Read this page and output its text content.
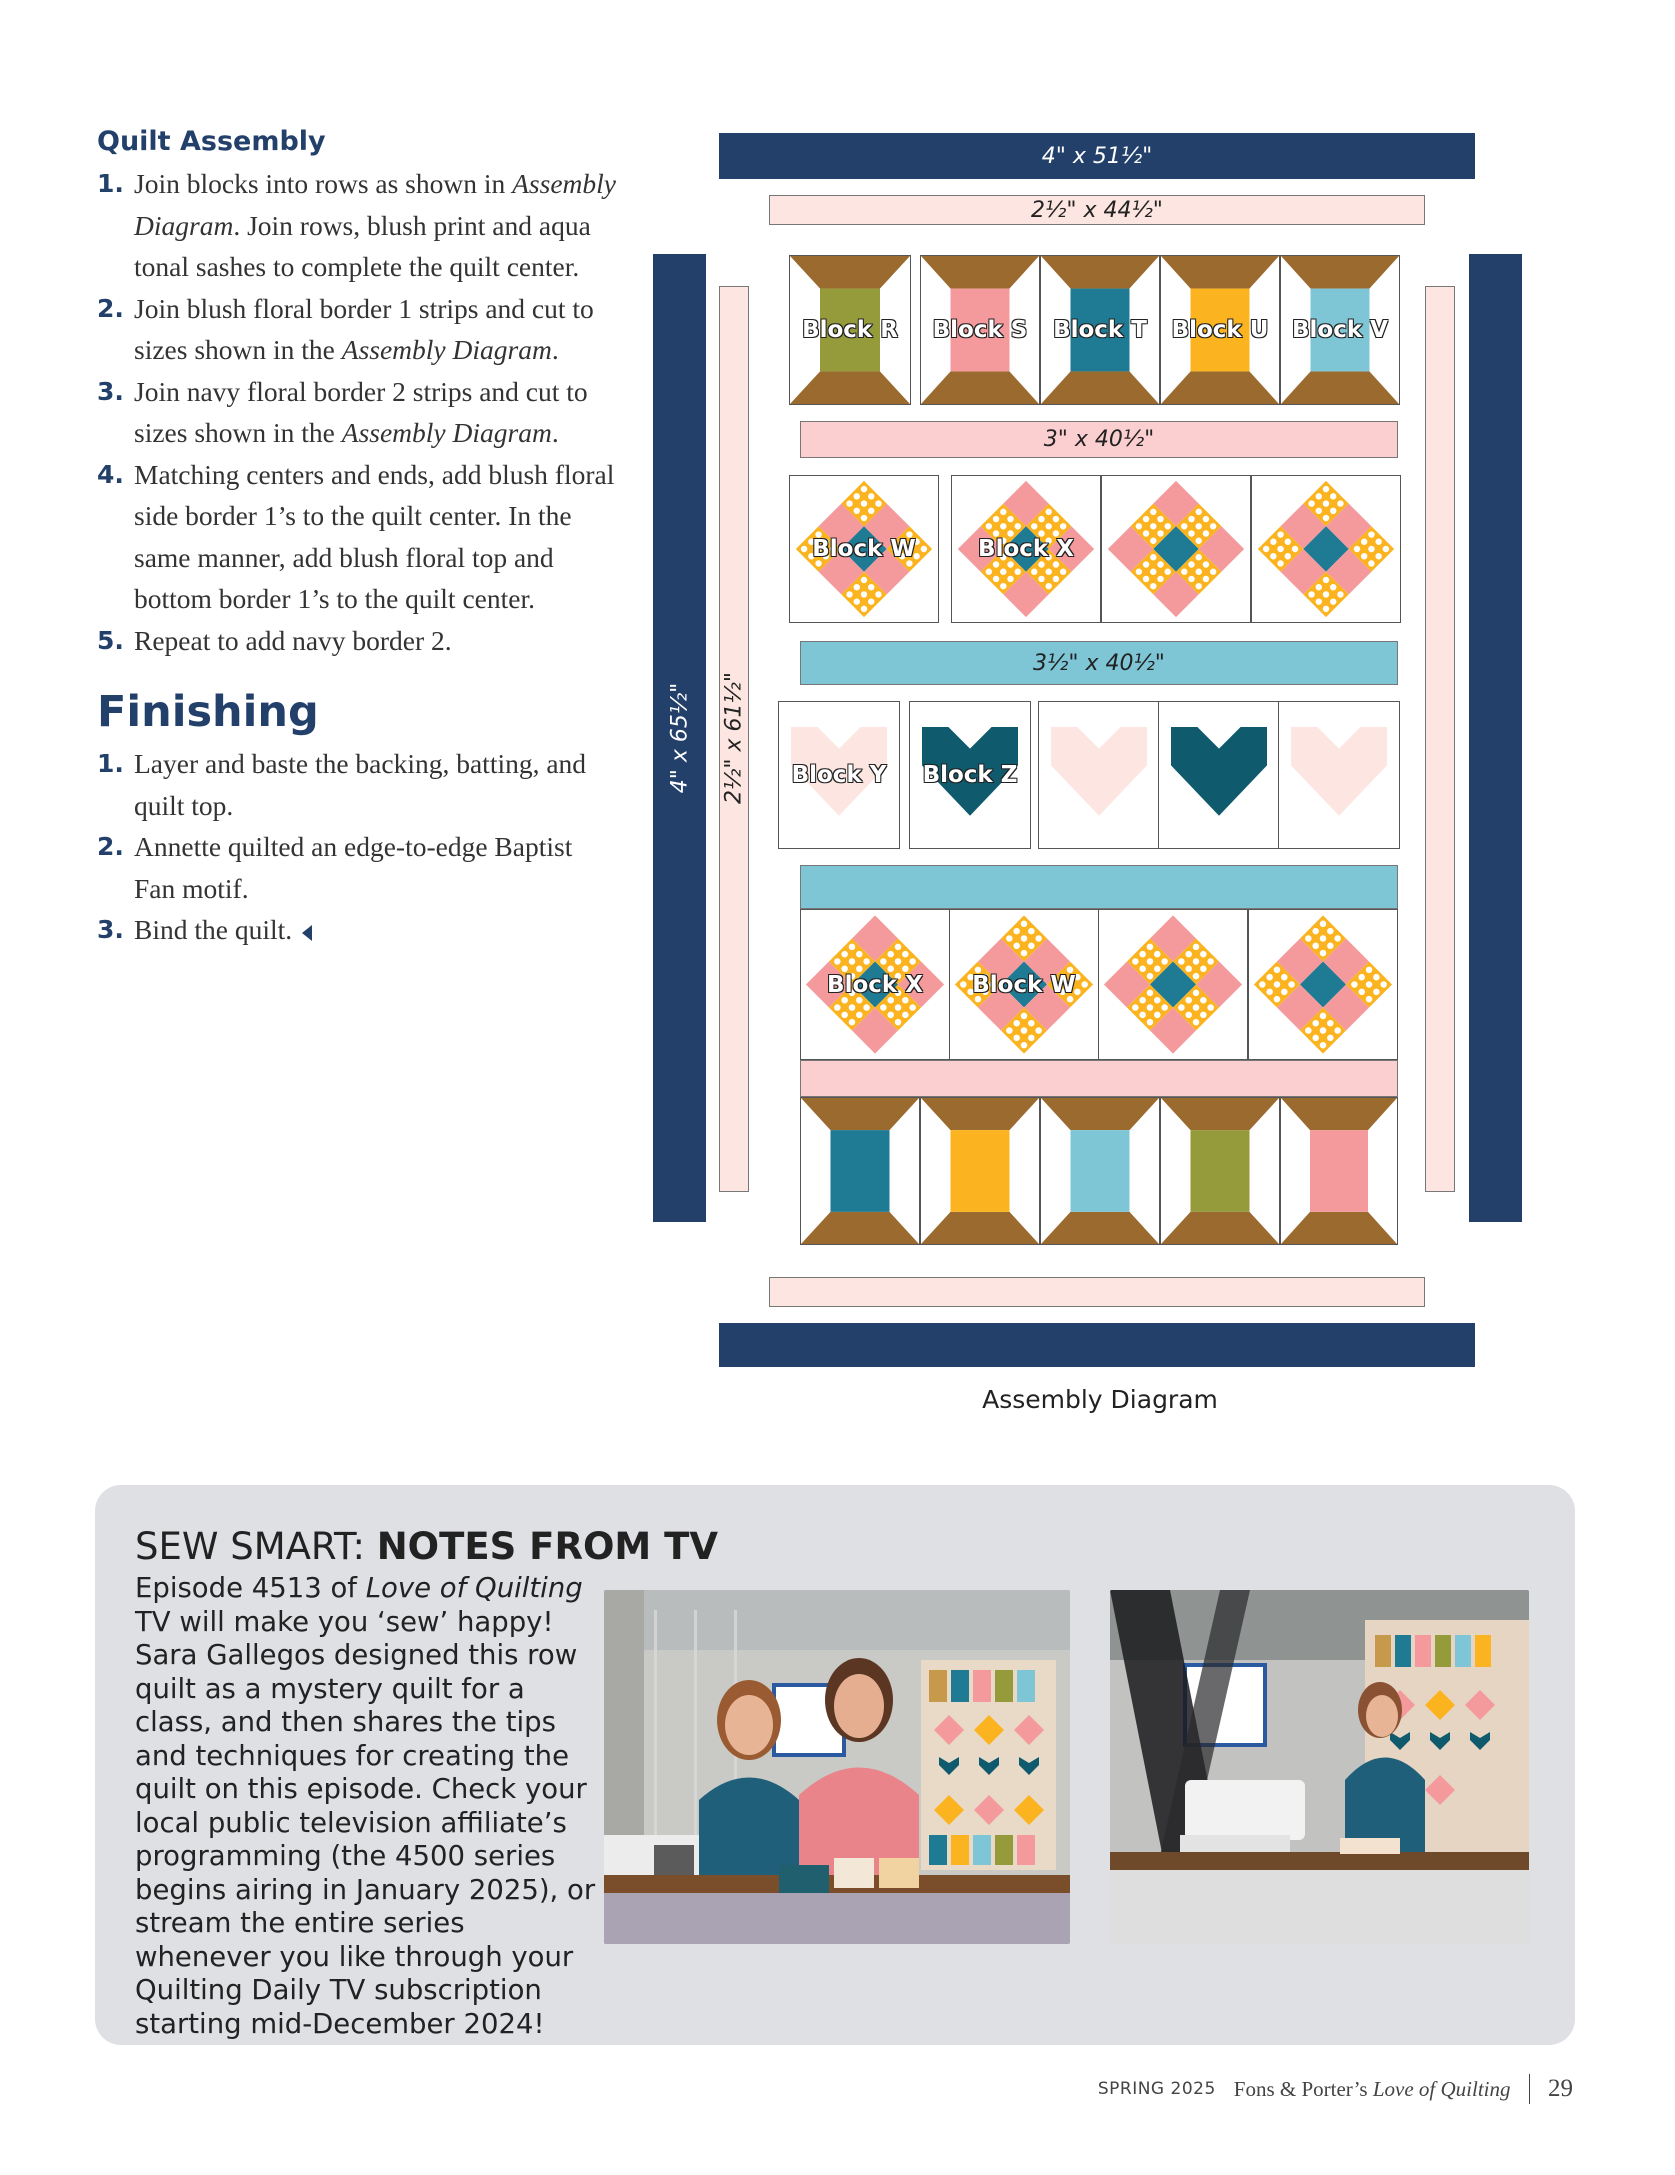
Quilt Assembly
1. Join blocks into rows as shown in Assembly Diagram. Join rows, blush print and aqua tonal sashes to complete the quilt center.
2. Join blush floral border 1 strips and cut to sizes shown in the Assembly Diagram.
3. Join navy floral border 2 strips and cut to sizes shown in the Assembly Diagram.
4. Matching centers and ends, add blush floral side border 1’s to the quilt center. In the same manner, add blush floral top and bottom border 1’s to the quilt center.
5. Repeat to add navy border 2.
Finishing
1. Layer and baste the backing, batting, and quilt top.
2. Annette quilted an edge-to-edge Baptist Fan motif.
3. Bind the quilt.
4" x 51½"
2½" x 44½"
4" x 65½" 2½" x 61½"
3" x 40½"
3½" x 40½"
Block R	Block S	Block T	Block U	Block V
Block W	Block X
Block Y	Block Z
Block X	Block W
Assembly Diagram
SEW SMART: NOTES FROM TV
Episode 4513 of Love of Quilting TV will make you ‘sew’ happy! Sara Gallegos designed this row quilt as a mystery quilt for a class, and then shares the tips and techniques for creating the quilt on this episode. Check your local public television affiliate’s programming (the 4500 series begins airing in January 2025), or stream the entire series whenever you like through your Quilting Daily TV subscription starting mid-December 2024!
SPRING 2025 Fons & Porter’s Love of Quilting 29
